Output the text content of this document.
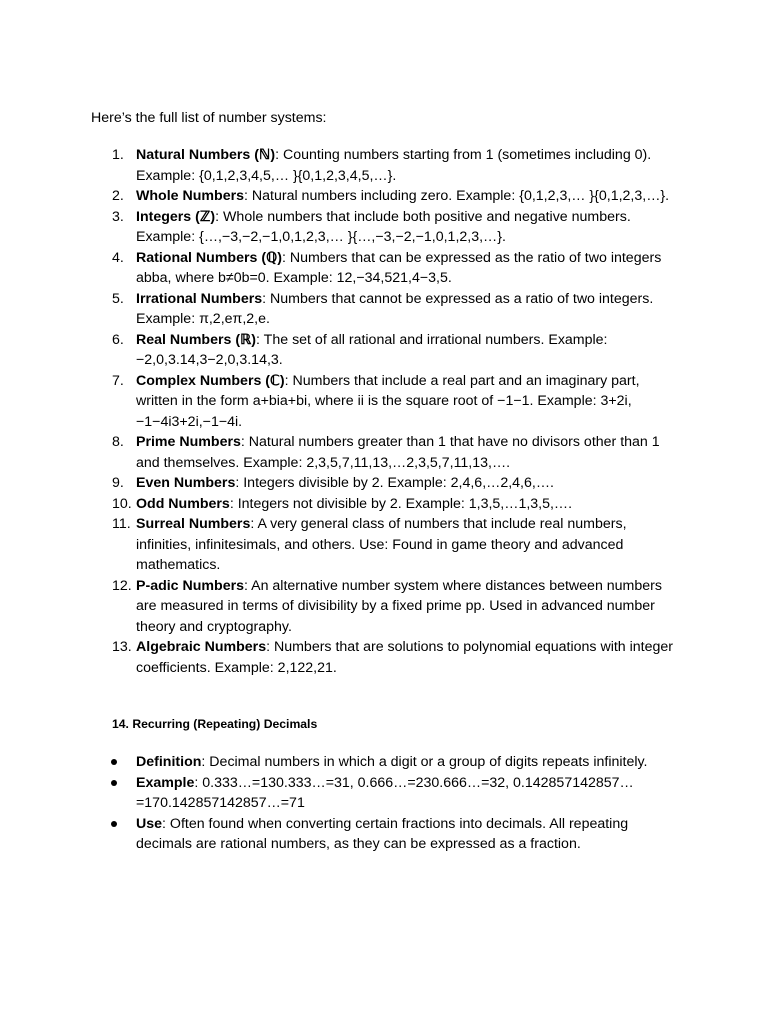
Here’s the full list of number systems:

1. Natural Numbers (ℕ): Counting numbers starting from 1 (sometimes including 0). Example: {0,1,2,3,4,5,… }{0,1,2,3,4,5,…}.
2. Whole Numbers: Natural numbers including zero. Example: {0,1,2,3,… }{0,1,2,3,…}.
3. Integers (ℤ): Whole numbers that include both positive and negative numbers. Example: {…,−3,−2,−1,0,1,2,3,… }{…,−3,−2,−1,0,1,2,3,…}.
4. Rational Numbers (ℚ): Numbers that can be expressed as the ratio of two integers abba, where b≠0b=0. Example: 12,−34,521,4−3,5.
5. Irrational Numbers: Numbers that cannot be expressed as a ratio of two integers. Example: π,2,eπ,2,e.
6. Real Numbers (ℝ): The set of all rational and irrational numbers. Example: −2,0,3.14,3−2,0,3.14,3.
7. Complex Numbers (ℂ): Numbers that include a real part and an imaginary part, written in the form a+bia+bi, where ii is the square root of −1−1. Example: 3+2i,−1−4i3+2i,−1−4i.
8. Prime Numbers: Natural numbers greater than 1 that have no divisors other than 1 and themselves. Example: 2,3,5,7,11,13,…2,3,5,7,11,13,….
9. Even Numbers: Integers divisible by 2. Example: 2,4,6,…2,4,6,….
10. Odd Numbers: Integers not divisible by 2. Example: 1,3,5,…1,3,5,….
11. Surreal Numbers: A very general class of numbers that include real numbers, infinities, infinitesimals, and others. Use: Found in game theory and advanced mathematics.
12. P-adic Numbers: An alternative number system where distances between numbers are measured in terms of divisibility by a fixed prime pp. Used in advanced number theory and cryptography.
13. Algebraic Numbers: Numbers that are solutions to polynomial equations with integer coefficients. Example: 2,122,21.
14. Recurring (Repeating) Decimals
Definition: Decimal numbers in which a digit or a group of digits repeats infinitely.
Example: 0.333…=130.333…=31, 0.666…=230.666…=32, 0.142857142857…=170.142857142857…=71
Use: Often found when converting certain fractions into decimals. All repeating decimals are rational numbers, as they can be expressed as a fraction.
